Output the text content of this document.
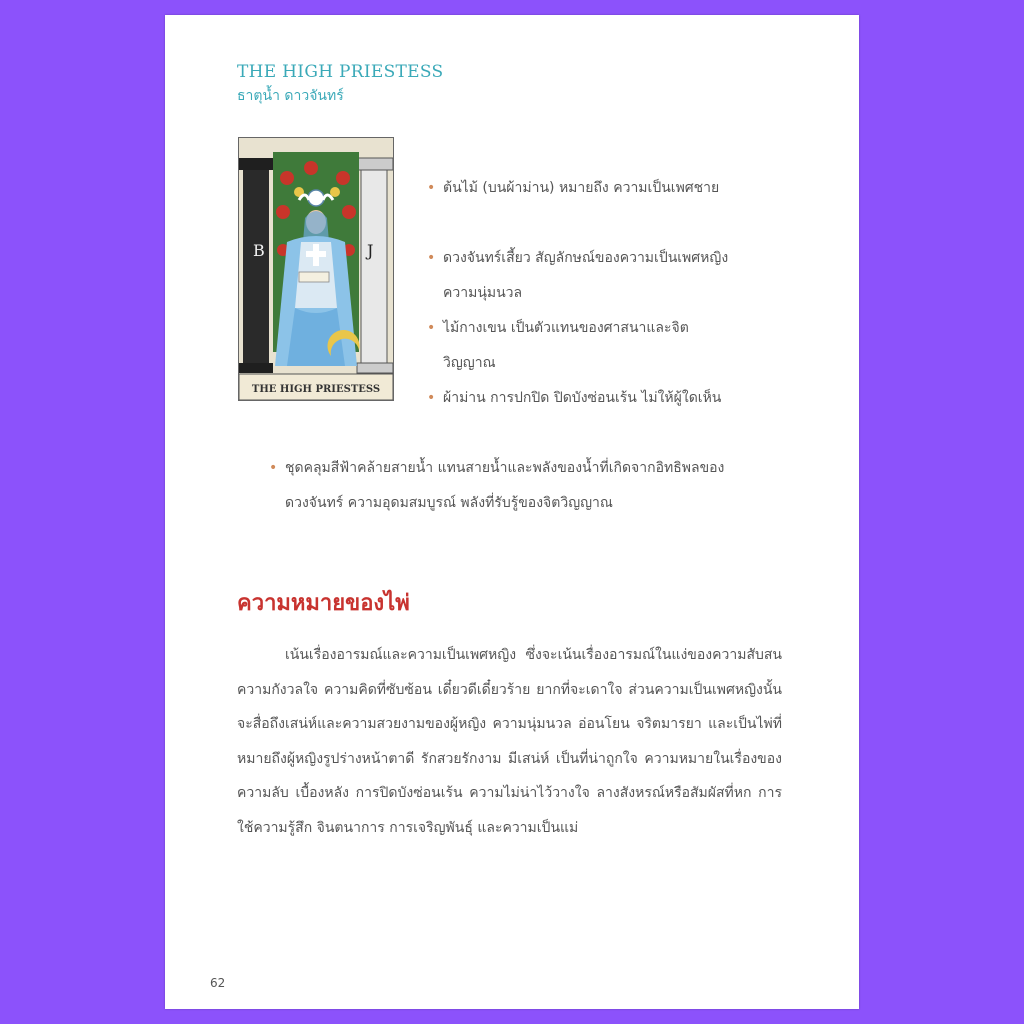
THE HIGH PRIESTESS
ธาตุน้ำ ดาวจันทร์
B	J
THE HIGH PRIESTESS
• ต้นไม้ (บนผ้าม่าน) หมายถึง ความเป็นเพศชาย
• ดวงจันทร์เสี้ยว สัญลักษณ์ของความเป็นเพศหญิง ความนุ่มนวล
• ไม้กางเขน เป็นตัวแทนของศาสนาและจิตวิญญาณ
• ผ้าม่าน การปกปิด ปิดบังซ่อนเร้น ไม่ให้ผู้ใดเห็น
• ชุดคลุมสีฟ้าคล้ายสายน้ำ แทนสายน้ำและพลังของน้ำที่เกิดจากอิทธิพลของดวงจันทร์ ความอุดมสมบูรณ์ พลังที่รับรู้ของจิตวิญญาณ
ความหมายของไพ่

เน้นเรื่องอารมณ์และความเป็นเพศหญิง ซึ่งจะเน้นเรื่องอารมณ์ในแง่ของความสับสน ความกังวลใจ ความคิดที่ซับซ้อน เดี๋ยวดีเดี๋ยวร้าย ยากที่จะเดาใจ ส่วนความเป็นเพศหญิงนั้น จะสื่อถึงเสน่ห์และความสวยงามของผู้หญิง ความนุ่มนวล อ่อนโยน จริตมารยา และเป็นไพ่ที่หมายถึงผู้หญิงรูปร่างหน้าตาดี รักสวยรักงาม มีเสน่ห์ เป็นที่น่าถูกใจ ความหมายในเรื่องของ ความลับ เบื้องหลัง การปิดบังซ่อนเร้น ความไม่น่าไว้วางใจ ลางสังหรณ์หรือสัมผัสที่หก การใช้ความรู้สึก จินตนาการ การเจริญพันธุ์ และความเป็นแม่

62
